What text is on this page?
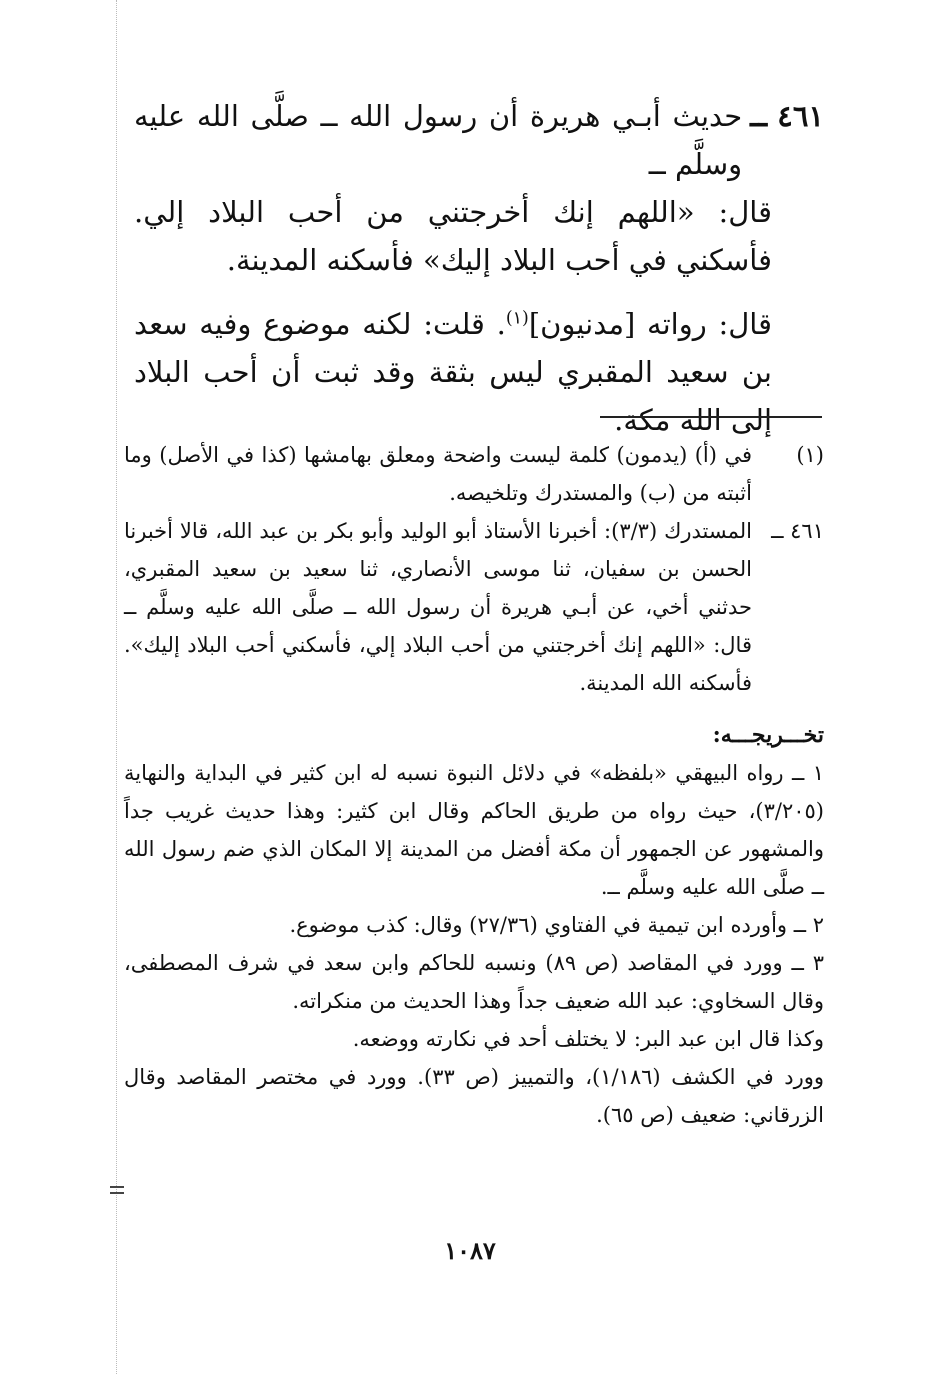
٤٦١ ــ
حديث أبـي هريرة أن رسول الله ــ صلَّى الله عليه وسلَّم ــ

قال: «اللهم إنك أخرجتني من أحب البلاد إلي. فأسكني في أحب البلاد إليك» فأسكنه المدينة.

قال: رواته [مدنيون]$^{(١)}$. قلت: لكنه موضوع وفيه سعد بن سعيد المقبري ليس بثقة وقد ثبت أن أحب البلاد إلى الله مكة.

(١)
في (أ) (يدمون) كلمة ليست واضحة ومعلق بهامشها (كذا في الأصل) وما أثبته من (ب) والمستدرك وتلخيصه.
٤٦١ ــ
المستدرك (٣/٣): أخبرنا الأستاذ أبو الوليد وأبو بكر بن عبد الله، قالا أخبرنا الحسن بن سفيان، ثنا موسى الأنصاري، ثنا سعيد بن سعيد المقبري، حدثني أخي، عن أبـي هريرة أن رسول الله ــ صلَّى الله عليه وسلَّم ــ قال: «اللهم إنك أخرجتني من أحب البلاد إلي، فأسكني أحب البلاد إليك». فأسكنه الله المدينة.
تخـــريجـــه:

١ ــ رواه البيهقي «بلفظه» في دلائل النبوة نسبه له ابن كثير في البداية والنهاية (٣/٢٠٥)، حيث رواه من طريق الحاكم وقال ابن كثير: وهذا حديث غريب جداً والمشهور عن الجمهور أن مكة أفضل من المدينة إلا المكان الذي ضم رسول الله ــ صلَّى الله عليه وسلَّم ــ.

٢ ــ وأورده ابن تيمية في الفتاوي (٢٧/٣٦) وقال: كذب موضوع.

٣ ــ وورد في المقاصد (ص ٨٩) ونسبه للحاكم وابن سعد في شرف المصطفى، وقال السخاوي: عبد الله ضعيف جداً وهذا الحديث من منكراته.

وكذا قال ابن عبد البر: لا يختلف أحد في نكارته ووضعه.

وورد في الكشف (١/١٨٦)، والتمييز (ص ٣٣). وورد في مختصر المقاصد وقال الزرقاني: ضعيف (ص ٦٥).

١٠٨٧
